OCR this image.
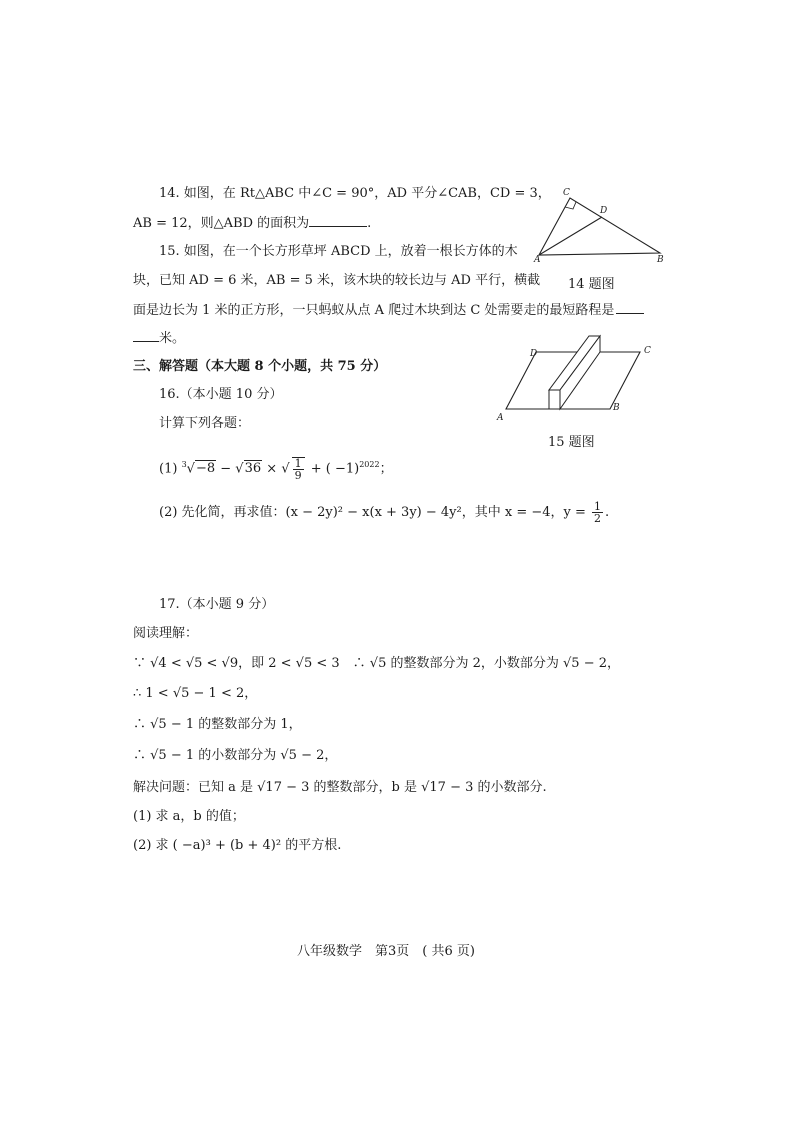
14. 如图，在 Rt△ABC 中∠C = 90°，AD 平分∠CAB，CD = 3，
AB = 12，则△ABD 的面积为	.
15. 如图，在一个长方形草坪 ABCD 上，放着一根长方体的木
块，已知 AD = 6 米，AB = 5 米，该木块的较长边与 AD 平行，横截
面是边长为 1 米的正方形，一只蚂蚁从点 A 爬过木块到达 C 处需要走的最短路程是
米。
C
D
A	B
14 题图
D	C
A
B
15 题图
三、解答题（本大题 8 个小题，共 75 分）
16.（本小题 10 分）
计算下列各题：
(1) $^3$√−8 − √36 × √ $\frac{1}{9}$ + ( −1)$^{2022}$；
(2) 先化简，再求值：(x − 2y)² − x(x + 3y) − 4y²，其中 x = −4，$y = \frac{1}{2}$ .
17.（本小题 9 分）
阅读理解：
∵ √4 < √5 < √9，即 2 < √5 < 3　∴ √5 的整数部分为 2，小数部分为 √5 − 2，
∴ 1 < √5 − 1 < 2，
∴ √5 − 1 的整数部分为 1，
∴ √5 − 1 的小数部分为 √5 − 2，
解决问题：已知 a 是 √17 − 3 的整数部分，b 是 √17 − 3 的小数部分.
(1) 求 a，b 的值；
(2) 求 ( −a)³ + (b + 4)² 的平方根.
八年级数学　第3页　( 共6 页)
